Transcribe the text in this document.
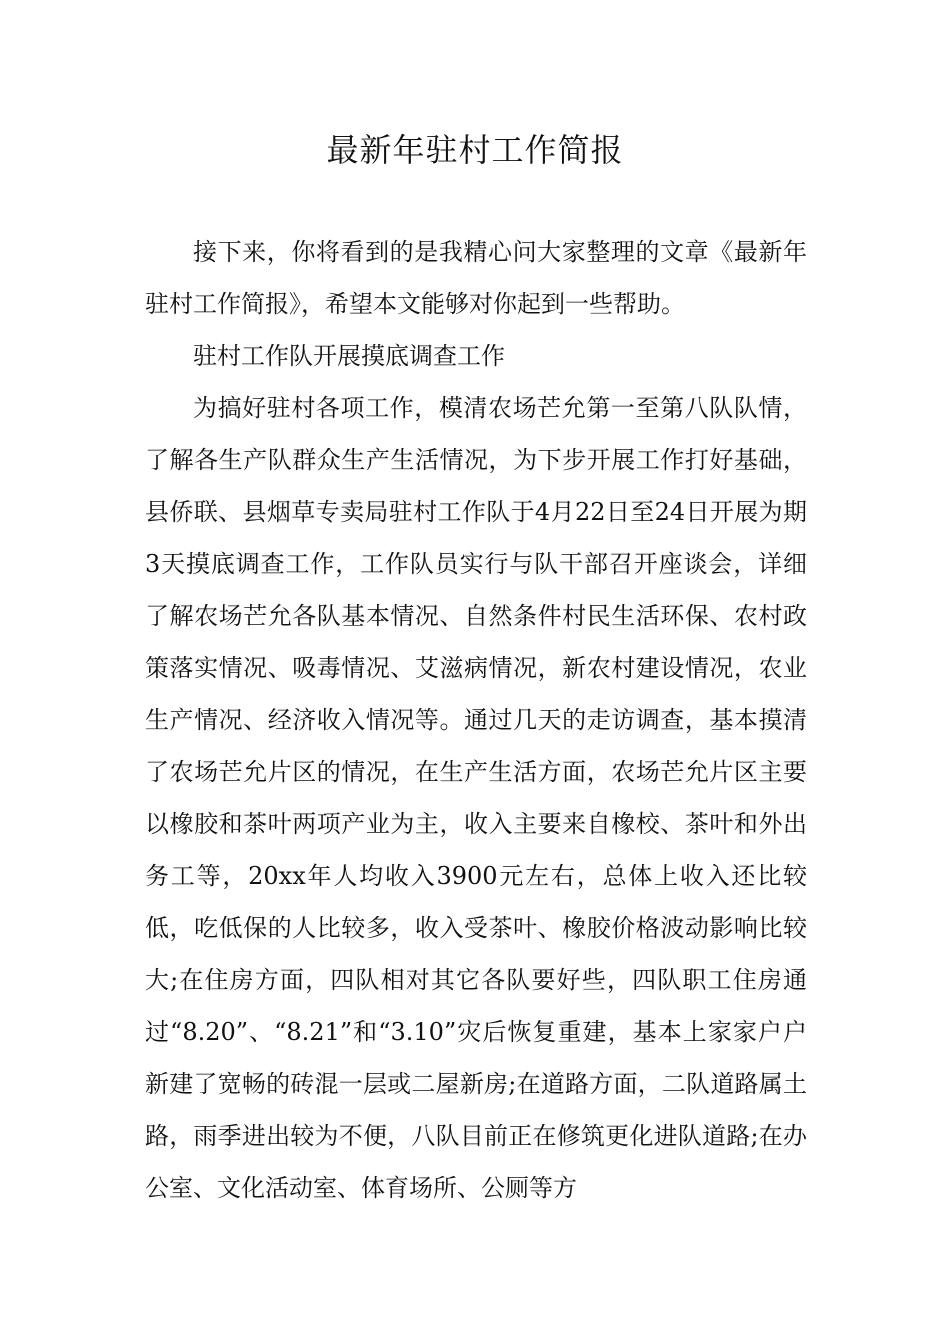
最新年驻村工作简报

接下来，你将看到的是我精心问大家整理的文章《最新年驻村工作简报》，希望本文能够对你起到一些帮助。

驻村工作队开展摸底调查工作

为搞好驻村各项工作，模清农场芒允第一至第八队队情，了解各生产队群众生产生活情况，为下步开展工作打好基础，县侨联、县烟草专卖局驻村工作队于4月22日至24日开展为期3天摸底调查工作，工作队员实行与队干部召开座谈会，详细了解农场芒允各队基本情况、自然条件村民生活环保、农村政策落实情况、吸毒情况、艾滋病情况，新农村建设情况，农业生产情况、经济收入情况等。通过几天的走访调查，基本摸清了农场芒允片区的情况，在生产生活方面，农场芒允片区主要以橡胶和茶叶两项产业为主，收入主要来自橡校、茶叶和外出务工等，20xx年人均收入3900元左右，总体上收入还比较低，吃低保的人比较多，收入受茶叶、橡胶价格波动影响比较大;在住房方面，四队相对其它各队要好些，四队职工住房通过“8.20”、“8.21”和“3.10”灾后恢复重建，基本上家家户户新建了宽畅的砖混一层或二屋新房;在道路方面，二队道路属土路，雨季进出较为不便，八队目前正在修筑更化进队道路;在办公室、文化活动室、体育场所、公厕等方
